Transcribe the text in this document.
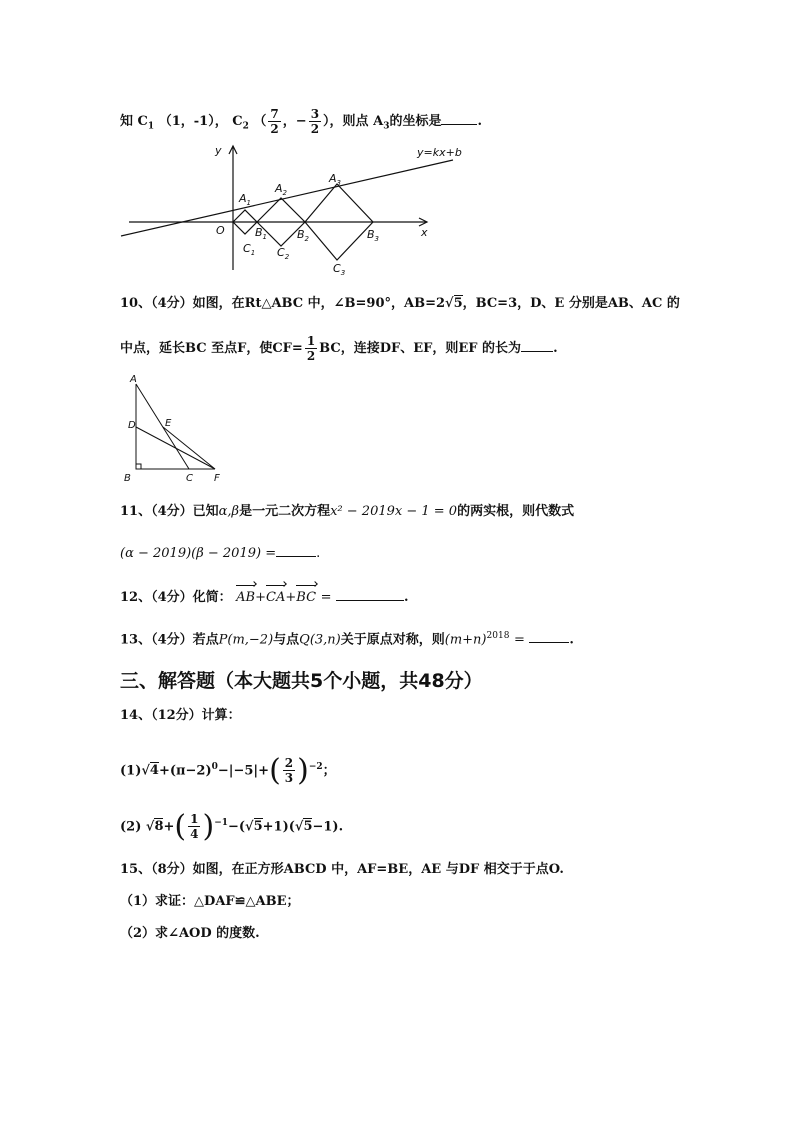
知 $C_1$ （1，-1）， $C_2$ （ $\frac{7}{2}$ ，− $\frac{3}{2}$ ），则点 $A_3$的坐标是	.
y
x
O
y=kx+b
$A_1$
$A_2$
$A_3$
$B_1$	$B_2$	$B_3$
$C_1$ $C_2$
$C_3$
10、（4分）如图，在Rt△ABC 中，∠B=90°，AB=2√5，BC=3，D、E 分别是AB、AC 的
中点，延长BC 至点F，使$CF= \frac{1}{2}$ BC，连接DF、EF，则EF 的长为 .
A
D	E
B	C F
11、（4分）已知α,β是一元二次方程x² − 2019x − 1 = 0的两实根，则代数式
(α − 2019)(β − 2019) =	.
12、（4分）化简： AB+CA+BC =	.
13、（4分）若点P(m,−2)与点Q(3,n)关于原点对称，则$(m+n)^{2018}$ =	.
三、解答题（本大题共5个小题，共48分）
14、（12分）计算：
$(1)√4+(\pi-2)^0-|-5|+( \frac{2}{3} )^{-2}$；
(2) $√8+( \frac{1}{4} )^{-1}-(√5+1)(√5-1)$.
15、（8分）如图，在正方形ABCD 中，AF=BE，AE 与DF 相交于于点O.
（1）求证：△DAF≌△ABE；
（2）求∠AOD 的度数.
